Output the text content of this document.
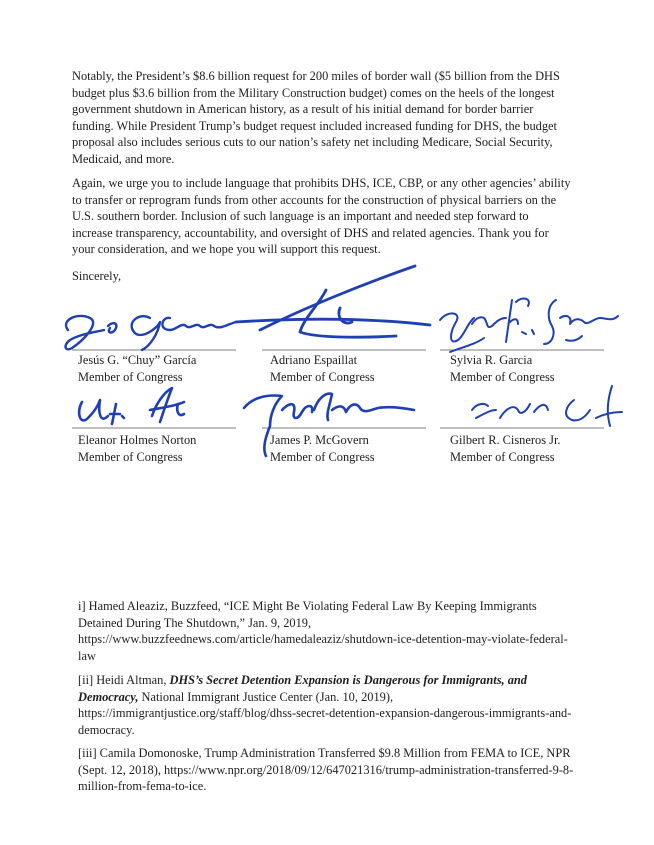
Notably, the President’s $8.6 billion request for 200 miles of border wall ($5 billion from the DHS budget plus $3.6 billion from the Military Construction budget) comes on the heels of the longest government shutdown in American history, as a result of his initial demand for border barrier funding. While President Trump’s budget request included increased funding for DHS, the budget proposal also includes serious cuts to our nation’s safety net including Medicare, Social Security, Medicaid, and more.
Again, we urge you to include language that prohibits DHS, ICE, CBP, or any other agencies’ ability to transfer or reprogram funds from other accounts for the construction of physical barriers on the U.S. southern border. Inclusion of such language is an important and needed step forward to increase transparency, accountability, and oversight of DHS and related agencies. Thank you for your consideration, and we hope you will support this request.
Sincerely,
Jesús G. “Chuy” García
Member of Congress
Adriano Espaillat
Member of Congress
Sylvia R. Garcia
Member of Congress
Eleanor Holmes Norton
Member of Congress
James P. McGovern
Member of Congress
Gilbert R. Cisneros Jr.
Member of Congress
i] Hamed Aleaziz, Buzzfeed, “ICE Might Be Violating Federal Law By Keeping Immigrants Detained During The Shutdown,” Jan. 9, 2019, https://www.buzzfeednews.com/article/hamedaleaziz/shutdown-ice-detention-may-violate-federal-law
[ii] Heidi Altman, DHS’s Secret Detention Expansion is Dangerous for Immigrants, and Democracy, National Immigrant Justice Center (Jan. 10, 2019), https://immigrantjustice.org/staff/blog/dhss-secret-detention-expansion-dangerous-immigrants-and-democracy.
[iii] Camila Domonoske, Trump Administration Transferred $9.8 Million from FEMA to ICE, NPR (Sept. 12, 2018), https://www.npr.org/2018/09/12/647021316/trump-administration-transferred-9-8-million-from-fema-to-ice.
